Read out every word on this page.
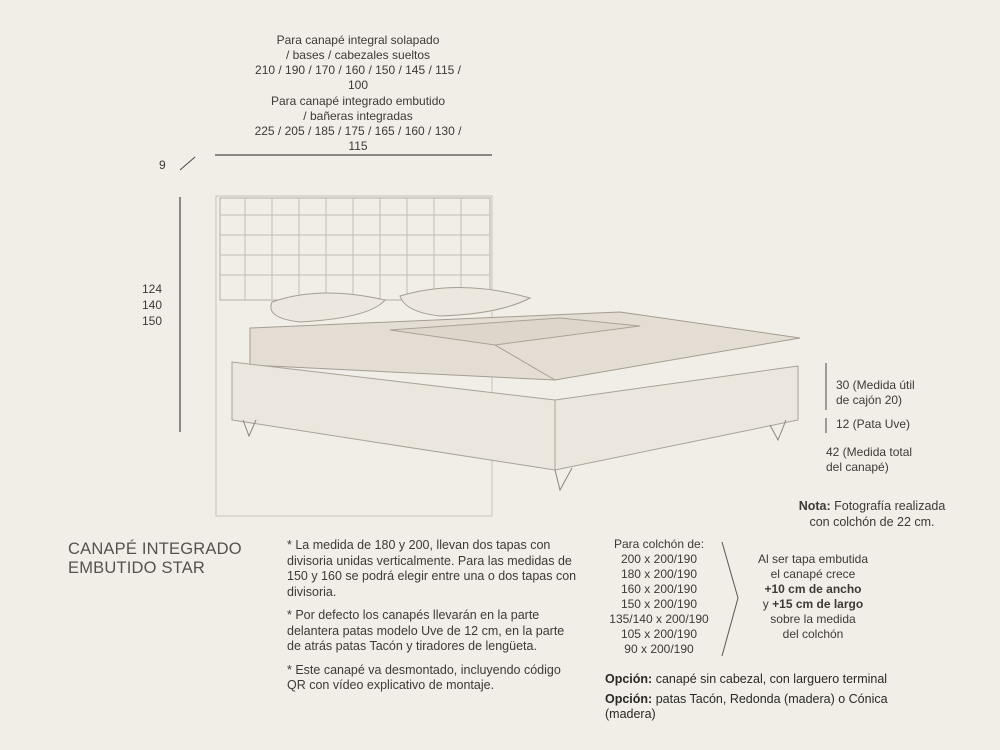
Para canapé integral solapado
/ bases / cabezales sueltos
210 / 190 / 170 / 160 / 150 / 145 / 115 / 100
Para canapé integrado embutido
/ bañeras integradas
225 / 205 / 185 / 175 / 165 / 160 / 130 / 115
9
124
140
150
30 (Medida útil
de cajón 20)
12 (Pata Uve)
42 (Medida total
del canapé)
Nota: Fotografía realizada
con colchón de 22 cm.
CANAPÉ INTEGRADO
EMBUTIDO STAR

* La medida de 180 y 200, llevan dos tapas con divisoria unidas verticalmente. Para las medidas de 150 y 160 se podrá elegir entre una o dos tapas con divisoria.

* Por defecto los canapés llevarán en la parte delantera patas modelo Uve de 12 cm, en la parte de atrás patas Tacón y tiradores de lengüeta.

* Este canapé va desmontado, incluyendo código QR con vídeo explicativo de montaje.

Para colchón de:
200 x 200/190
180 x 200/190
160 x 200/190
150 x 200/190
135/140 x 200/190
105 x 200/190
90 x 200/190
Al ser tapa embutida
el canapé crece
+10 cm de ancho
y +15 cm de largo
sobre la medida
del colchón
Opción: canapé sin cabezal, con larguero terminal
Opción: patas Tacón, Redonda (madera) o Cónica (madera)
